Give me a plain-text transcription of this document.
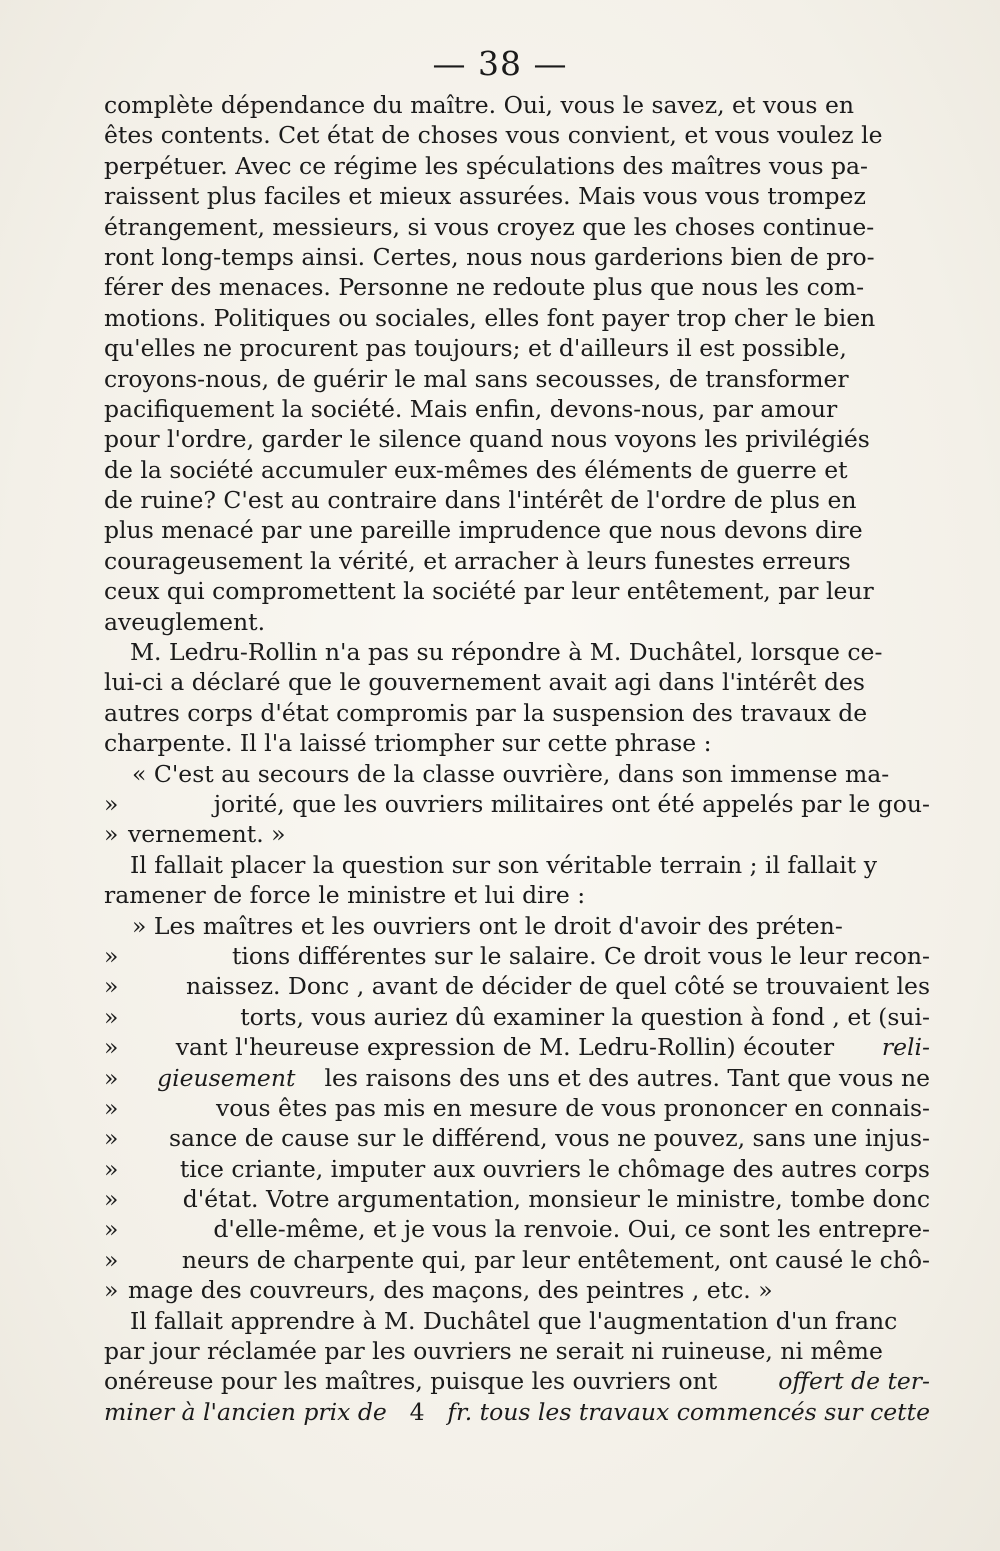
— 38 —
complète dépendance du maître. Oui, vous le savez, et vous en
êtes contents. Cet état de choses vous convient, et vous voulez le
perpétuer. Avec ce régime les spéculations des maîtres vous pa-
raissent plus faciles et mieux assurées. Mais vous vous trompez
étrangement, messieurs, si vous croyez que les choses continue-
ront long-temps ainsi. Certes, nous nous garderions bien de pro-
férer des menaces. Personne ne redoute plus que nous les com-
motions. Politiques ou sociales, elles font payer trop cher le bien
qu'elles ne procurent pas toujours; et d'ailleurs il est possible,
croyons-nous, de guérir le mal sans secousses, de transformer
pacifiquement la société. Mais enfin, devons-nous, par amour
pour l'ordre, garder le silence quand nous voyons les privilégiés
de la société accumuler eux-mêmes des éléments de guerre et
de ruine? C'est au contraire dans l'intérêt de l'ordre de plus en
plus menacé par une pareille imprudence que nous devons dire
courageusement la vérité, et arracher à leurs funestes erreurs
ceux qui compromettent la société par leur entêtement, par leur
aveuglement.
M. Ledru-Rollin n'a pas su répondre à M. Duchâtel, lorsque ce-
lui-ci a déclaré que le gouvernement avait agi dans l'intérêt des
autres corps d'état compromis par la suspension des travaux de
charpente. Il l'a laissé triompher sur cette phrase :
« C'est au secours de la classe ouvrière, dans son immense ma-
»	jorité, que les ouvriers militaires ont été appelés par le gou-
» vernement. »
Il fallait placer la question sur son véritable terrain ; il fallait y
ramener de force le ministre et lui dire :
» Les maîtres et les ouvriers ont le droit d'avoir des préten-
»	tions différentes sur le salaire. Ce droit vous le leur recon-
»	naissez. Donc , avant de décider de quel côté se trouvaient les
»	torts, vous auriez dû examiner la question à fond , et (sui-
»	vant l'heureuse expression de M. Ledru-Rollin) écouter reli-
»	gieusement les raisons des uns et des autres. Tant que vous ne
»	vous êtes pas mis en mesure de vous prononcer en connais-
»	sance de cause sur le différend, vous ne pouvez, sans une injus-
»	tice criante, imputer aux ouvriers le chômage des autres corps
»	d'état. Votre argumentation, monsieur le ministre, tombe donc
»	d'elle-même, et je vous la renvoie. Oui, ce sont les entrepre-
»	neurs de charpente qui, par leur entêtement, ont causé le chô-
» mage des couvreurs, des maçons, des peintres , etc. »
Il fallait apprendre à M. Duchâtel que l'augmentation d'un franc
par jour réclamée par les ouvriers ne serait ni ruineuse, ni même
onéreuse pour les maîtres, puisque les ouvriers ont	offert de ter-
miner à l'ancien prix de 4 fr. tous les travaux commencés sur cette
